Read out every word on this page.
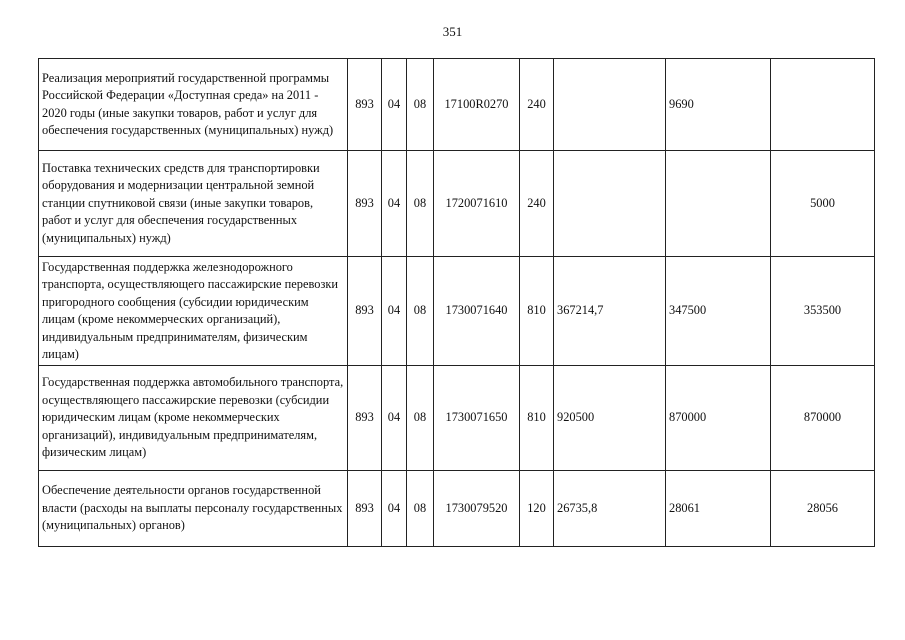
351
Реализация мероприятий государственной программы Российской Федерации «Доступная среда» на 2011 - 2020 годы (иные закупки товаров, работ и услуг для обеспечения государственных (муниципальных) нужд)	893	04	08	17100R0270	240		9690	
Поставка технических средств для транспортировки оборудования и модернизации центральной земной станции спутниковой связи (иные закупки товаров, работ и услуг для обеспечения государственных (муниципальных) нужд)	893	04	08	1720071610	240			5000
Государственная поддержка железнодорожного транспорта, осуществляющего пассажирские перевозки пригородного сообщения (субсидии юридическим лицам (кроме некоммерческих организаций), индивидуальным предпринимателям, физическим лицам)	893	04	08	1730071640	810	367214,7	347500	353500
Государственная поддержка автомобильного транспорта, осуществляющего пассажирские перевозки (субсидии юридическим лицам (кроме некоммерческих организаций), индивидуальным предпринимателям, физическим лицам)	893	04	08	1730071650	810	920500	870000	870000
Обеспечение деятельности органов государственной власти (расходы на выплаты персоналу государственных (муниципальных) органов)	893	04	08	1730079520	120	26735,8	28061	28056
